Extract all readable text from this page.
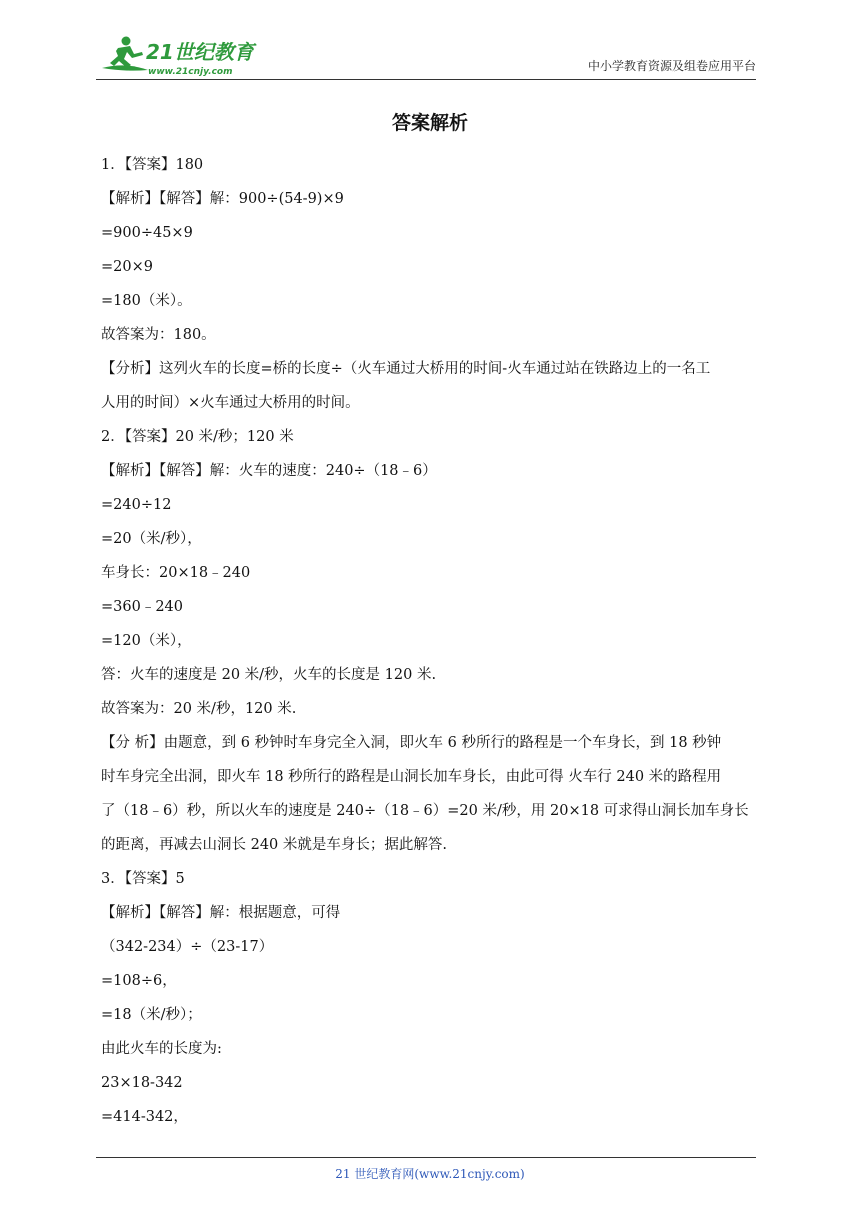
21世纪教育
www.21cnjy.com	中小学教育资源及组卷应用平台
答案解析
1．【答案】180
【解析】【解答】解：900÷(54-9)×9
=900÷45×9
=20×9
=180（米）。
故答案为：180。
【分析】这列火车的长度=桥的长度÷（火车通过大桥用的时间-火车通过站在铁路边上的一名工
人用的时间）×火车通过大桥用的时间。
2．【答案】20 米/秒；120 米
【解析】【解答】解：火车的速度：240÷（18﹣6）
=240÷12
=20（米/秒），
车身长：20×18﹣240
=360﹣240
=120（米），
答：火车的速度是 20 米/秒，火车的长度是 120 米.
故答案为：20 米/秒，120 米.
【分 析】由题意，到 6 秒钟时车身完全入洞，即火车 6 秒所行的路程是一个车身长，到 18 秒钟
时车身完全出洞，即火车 18 秒所行的路程是山洞长加车身长，由此可得 火车行 240 米的路程用
了（18﹣6）秒，所以火车的速度是 240÷（18﹣6）=20 米/秒，用 20×18 可求得山洞长加车身长
的距离，再减去山洞长 240 米就是车身长；据此解答.
3．【答案】5
【解析】【解答】解：根据题意，可得
（342-234）÷（23-17）
=108÷6，
=18（米/秒）；
由此火车的长度为:
23×18-342
=414-342，
21 世纪教育网(www.21cnjy.com)
